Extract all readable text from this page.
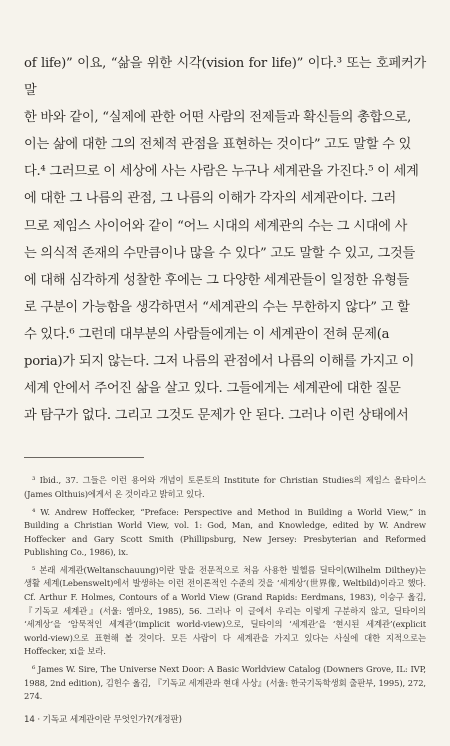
of life)” 이요, “삶을 위한 시각(vision for life)” 이다.³ 또는 호페커가 말

한 바와 같이, “실제에 관한 어떤 사람의 전제들과 확신들의 총합으로,

이는 삶에 대한 그의 전체적 관점을 표현하는 것이다” 고도 말할 수 있

다.⁴ 그러므로 이 세상에 사는 사람은 누구나 세계관을 가진다.⁵ 이 세계

에 대한 그 나름의 관점, 그 나름의 이해가 각자의 세계관이다. 그러

므로 제임스 사이어와 같이 “어느 시대의 세계관의 수는 그 시대에 사

는 의식적 존재의 수만큼이나 많을 수 있다” 고도 말할 수 있고, 그것들

에 대해 심각하게 성찰한 후에는 그 다양한 세계관들이 일정한 유형들

로 구분이 가능함을 생각하면서 “세계관의 수는 무한하지 않다” 고 할

수 있다.⁶ 그런데 대부분의 사람들에게는 이 세계관이 전혀 문제(a

poria)가 되지 않는다. 그저 나름의 관점에서 나름의 이해를 가지고 이

세계 안에서 주어진 삶을 살고 있다. 그들에게는 세계관에 대한 질문

과 탐구가 없다. 그리고 그것도 문제가 안 된다. 그러나 이런 상태에서

³ Ibid., 37. 그들은 이런 용어와 개념이 토론토의 Institute for Christian Studies의 제임스 올타이스(James Olthuis)에게서 온 것이라고 밝히고 있다.

⁴ W. Andrew Hoffecker, “Preface: Perspective and Method in Building a World View,” in Building a Christian World View, vol. 1: God, Man, and Knowledge, edited by W. Andrew Hoffecker and Gary Scott Smith (Phillipsburg, New Jersey: Presbyterian and Reformed Publishing Co., 1986), ix.

⁵ 본래 세계관(Weltanschauung)이란 말을 전문적으로 처음 사용한 빌헬름 딜타이(Wilhelm Dilthey)는 생활 세계(Lebenswelt)에서 발생하는 이런 전이론적인 수준의 것을 ‘세계상’(世界像, Weltbild)이라고 했다. Cf. Arthur F. Holmes, Contours of a World View (Grand Rapids: Eerdmans, 1983), 이승구 옮김, 『기독교 세계관』(서울: 엠마오, 1985), 56. 그러나 이 글에서 우리는 이렇게 구분하지 않고, 딜타이의 ‘세계상’을 ‘암묵적인 세계관’(implicit world-view)으로, 딜타이의 ‘세계관’을 ‘현시된 세계관’(explicit world-view)으로 표현해 볼 것이다. 모든 사람이 다 세계관을 가지고 있다는 사실에 대한 지적으로는 Hoffecker, xi을 보라.

⁶ James W. Sire, The Universe Next Door: A Basic Worldview Catalog (Downers Grove, IL: IVP, 1988, 2nd edition), 김헌수 옮김, 『기독교 세계관과 현대 사상』(서울: 한국기독학생회 출판부, 1995), 272, 274.

14 · 기독교 세계관이란 무엇인가?(개정판)
